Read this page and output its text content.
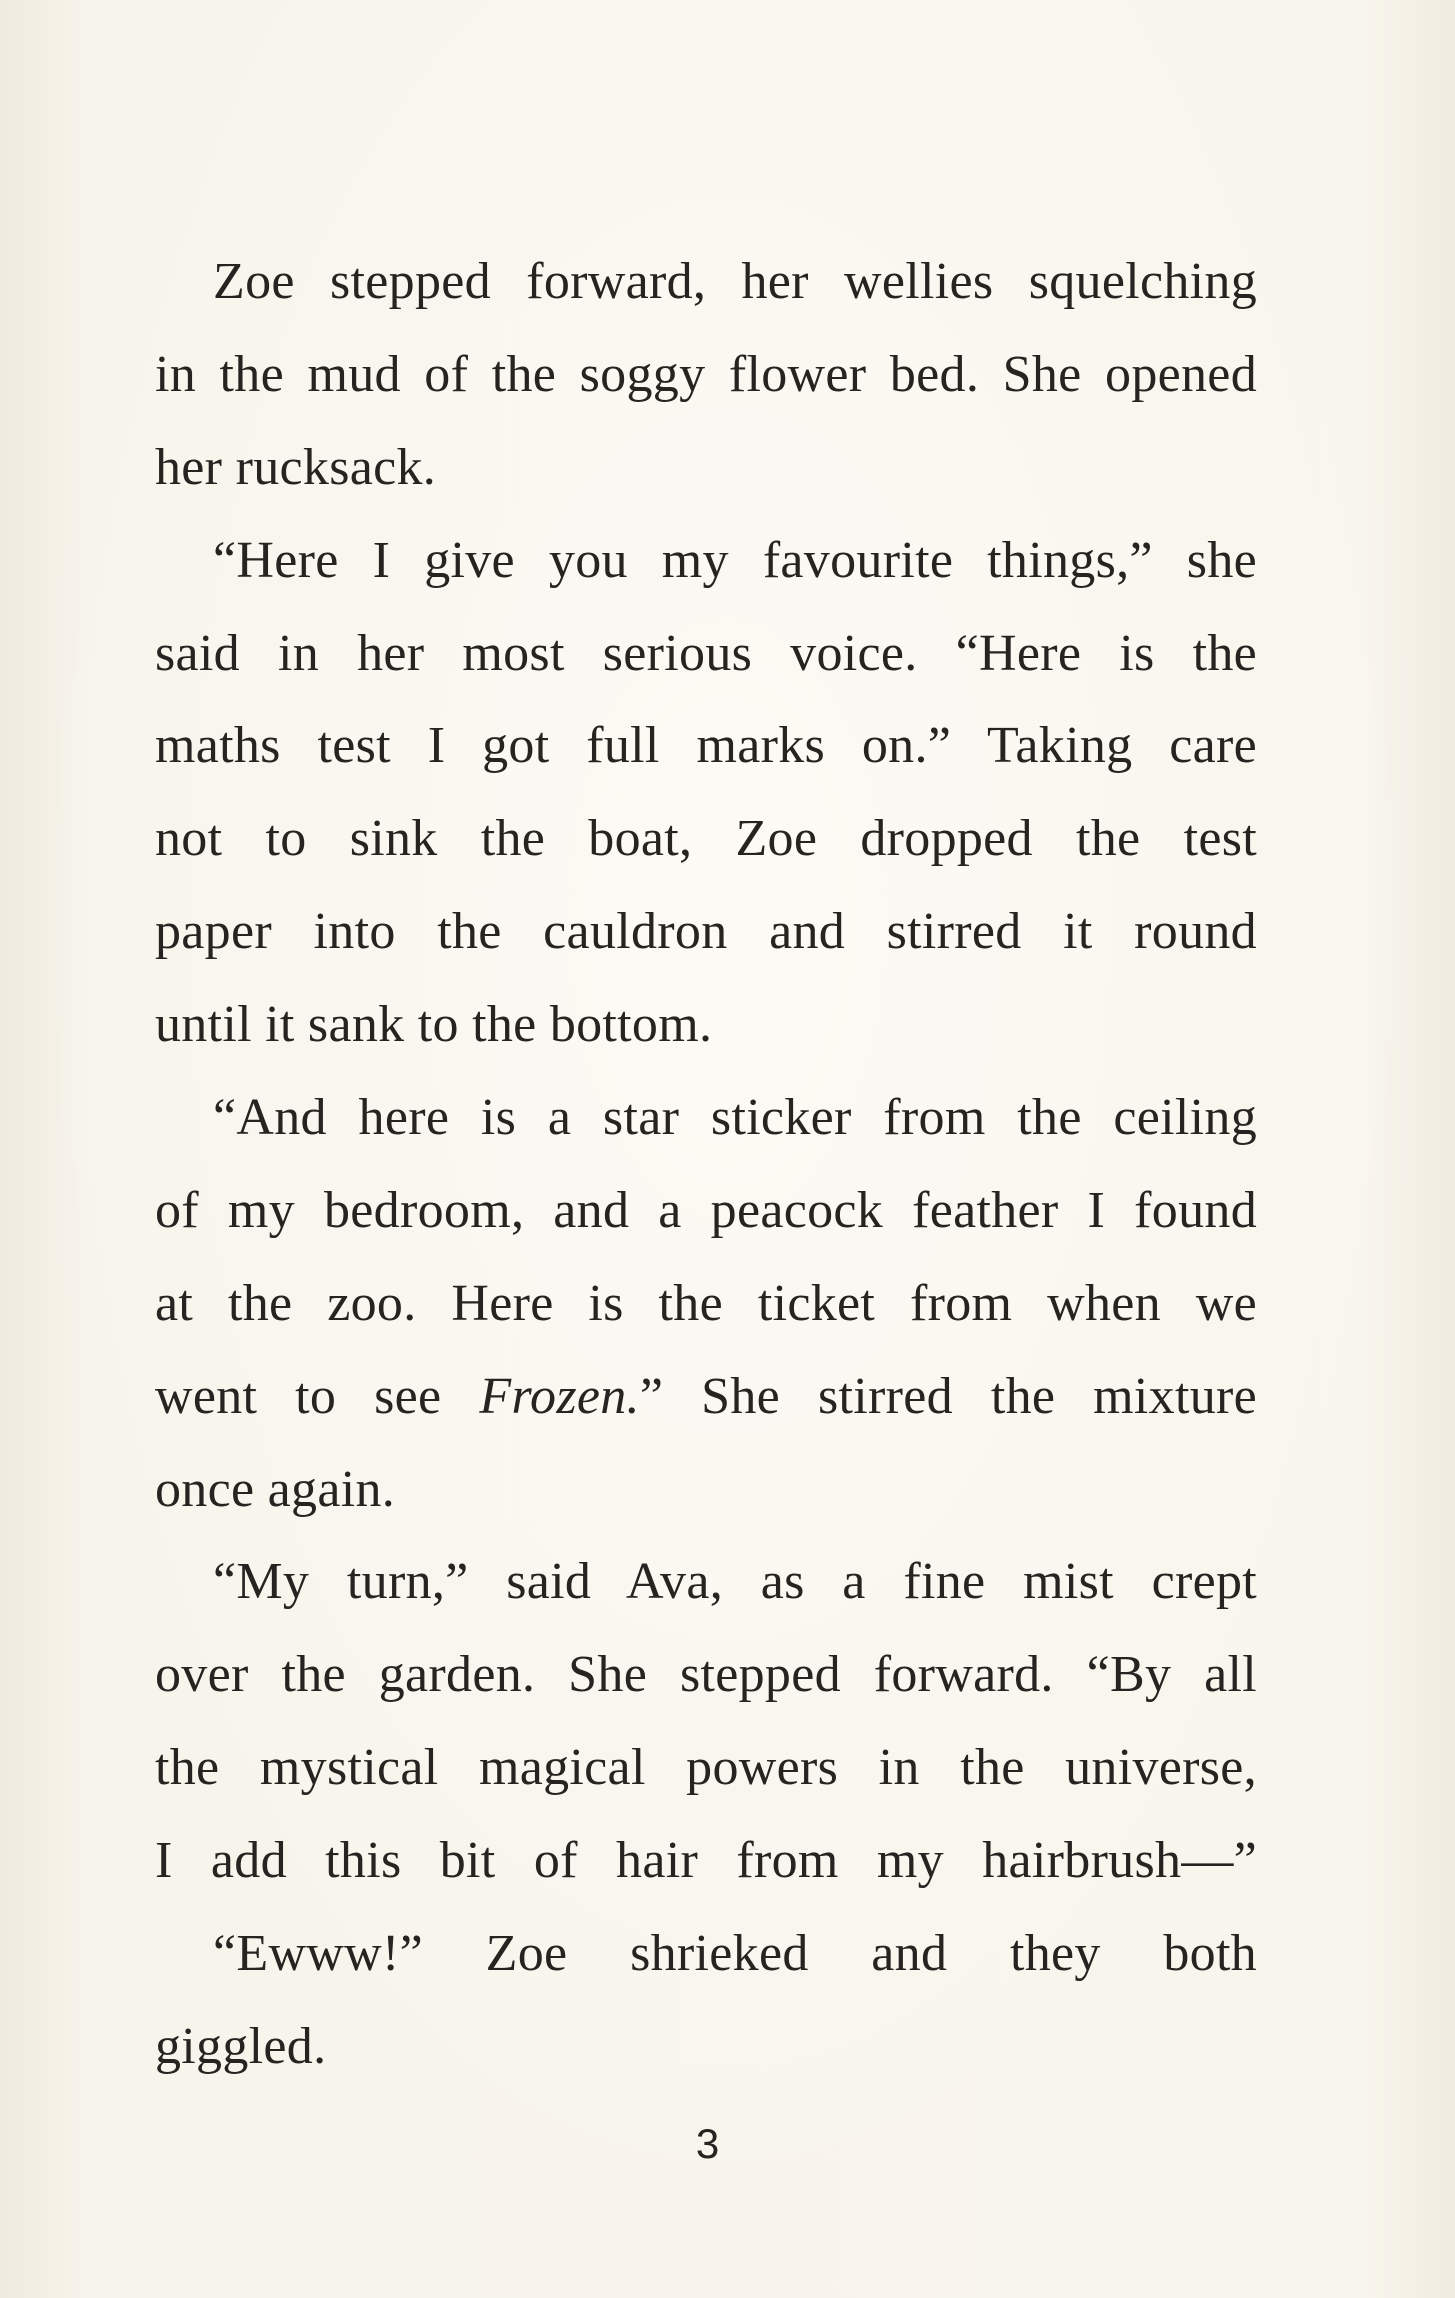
Zoe stepped forward, her wellies squelching
in the mud of the soggy flower bed. She opened
her rucksack.
“Here I give you my favourite things,” she
said in her most serious voice. “Here is the
maths test I got full marks on.” Taking care
not to sink the boat, Zoe dropped the test
paper into the cauldron and stirred it round
until it sank to the bottom.
“And here is a star sticker from the ceiling
of my bedroom, and a peacock feather I found
at the zoo. Here is the ticket from when we
went to see Frozen.” She stirred the mixture
once again.
“My turn,” said Ava, as a fine mist crept
over the garden. She stepped forward. “By all
the mystical magical powers in the universe,
I add this bit of hair from my hairbrush—”
“Ewww!” Zoe shrieked and they both
giggled.
3
